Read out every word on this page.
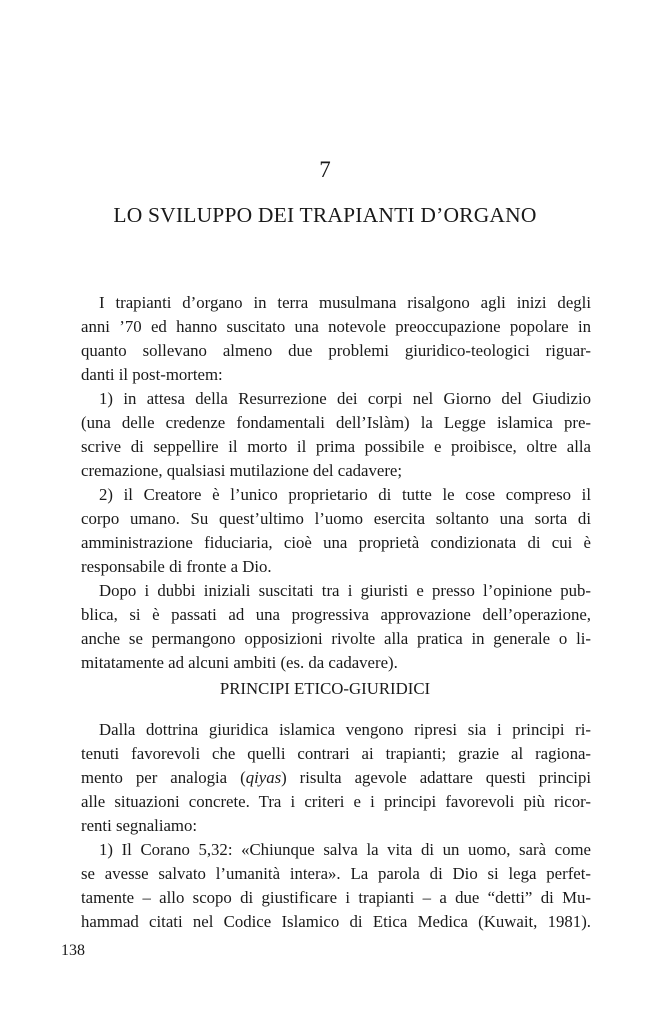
7
LO SVILUPPO DEI TRAPIANTI D’ORGANO
I trapianti d’organo in terra musulmana risalgono agli inizi degli
anni ’70 ed hanno suscitato una notevole preoccupazione popolare in
quanto sollevano almeno due problemi giuridico-teologici riguar-
danti il post-mortem:
1) in attesa della Resurrezione dei corpi nel Giorno del Giudizio
(una delle credenze fondamentali dell’Islàm) la Legge islamica pre-
scrive di seppellire il morto il prima possibile e proibisce, oltre alla
cremazione, qualsiasi mutilazione del cadavere;
2) il Creatore è l’unico proprietario di tutte le cose compreso il
corpo umano. Su quest’ultimo l’uomo esercita soltanto una sorta di
amministrazione fiduciaria, cioè una proprietà condizionata di cui è
responsabile di fronte a Dio.
Dopo i dubbi iniziali suscitati tra i giuristi e presso l’opinione pub-
blica, si è passati ad una progressiva approvazione dell’operazione,
anche se permangono opposizioni rivolte alla pratica in generale o li-
mitatamente ad alcuni ambiti (es. da cadavere).
PRINCIPI ETICO-GIURIDICI
Dalla dottrina giuridica islamica vengono ripresi sia i principi ri-
tenuti favorevoli che quelli contrari ai trapianti; grazie al ragiona-
mento per analogia (qiyas) risulta agevole adattare questi principi
alle situazioni concrete. Tra i criteri e i principi favorevoli più ricor-
renti segnaliamo:
1) Il Corano 5,32: «Chiunque salva la vita di un uomo, sarà come
se avesse salvato l’umanità intera». La parola di Dio si lega perfet-
tamente – allo scopo di giustificare i trapianti – a due “detti” di Mu-
hammad citati nel Codice Islamico di Etica Medica (Kuwait, 1981).
138
